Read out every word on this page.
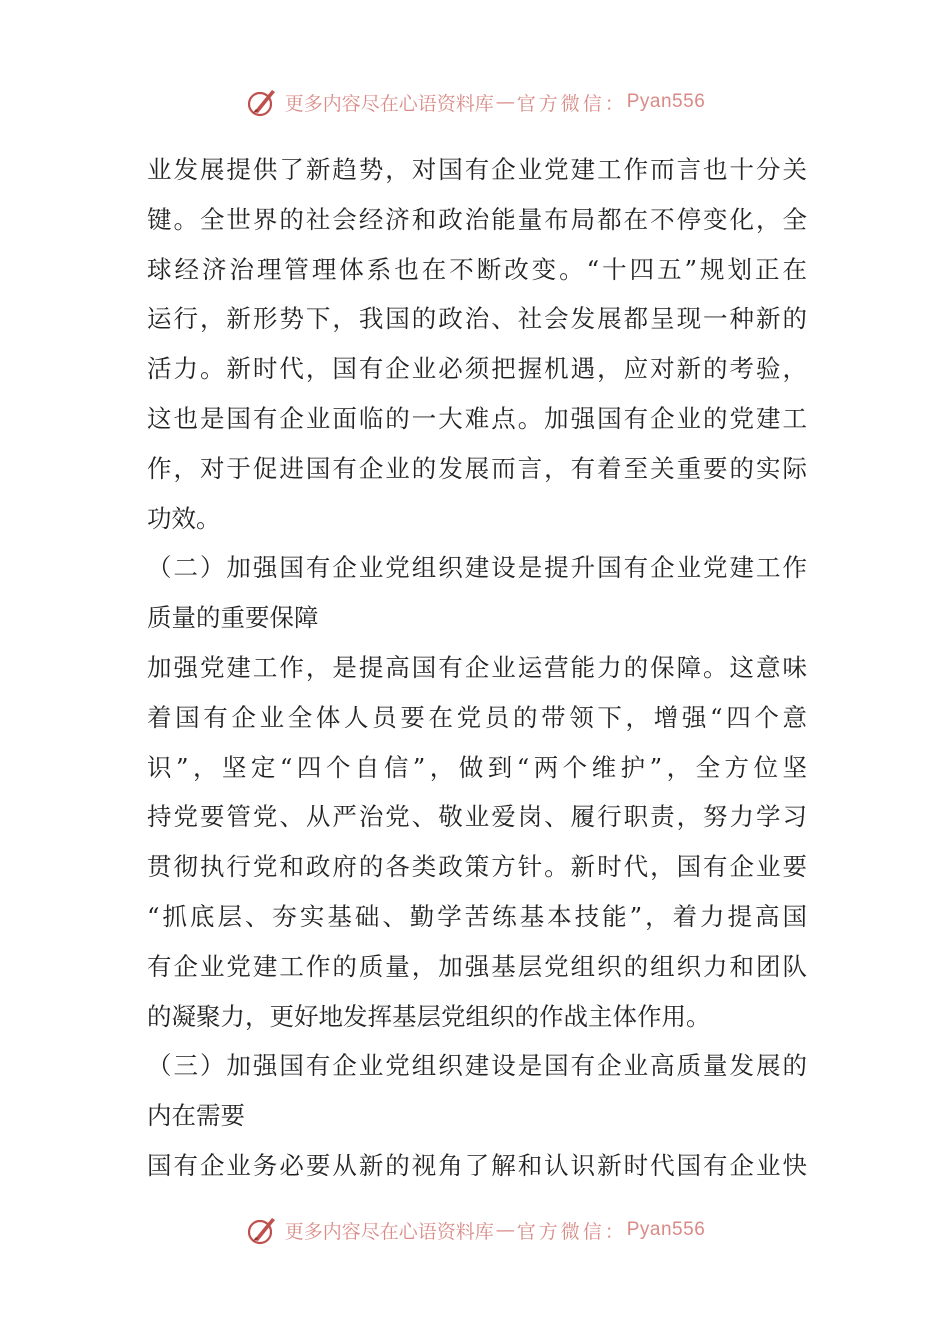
更多内容尽在心语资料库 — 官方微信： Pyan556
业发展提供了新趋势，对国有企业党建工作而言也十分关
键。全世界的社会经济和政治能量布局都在不停变化，全
球经济治理管理体系也在不断改变。“十四五”规划正在
运行，新形势下，我国的政治、社会发展都呈现一种新的
活力。新时代，国有企业必须把握机遇，应对新的考验，
这也是国有企业面临的一大难点。加强国有企业的党建工
作，对于促进国有企业的发展而言，有着至关重要的实际
功效。
（二）加强国有企业党组织建设是提升国有企业党建工作
质量的重要保障
加强党建工作，是提高国有企业运营能力的保障。这意味
着国有企业全体人员要在党员的带领下，增强“四个意
识”，坚定“四个自信”，做到“两个维护”，全方位坚
持党要管党、从严治党、敬业爱岗、履行职责，努力学习
贯彻执行党和政府的各类政策方针。新时代，国有企业要
“抓底层、夯实基础、勤学苦练基本技能”，着力提高国
有企业党建工作的质量，加强基层党组织的组织力和团队
的凝聚力，更好地发挥基层党组织的作战主体作用。
（三）加强国有企业党组织建设是国有企业高质量发展的
内在需要
国有企业务必要从新的视角了解和认识新时代国有企业快
更多内容尽在心语资料库 — 官方微信： Pyan556
